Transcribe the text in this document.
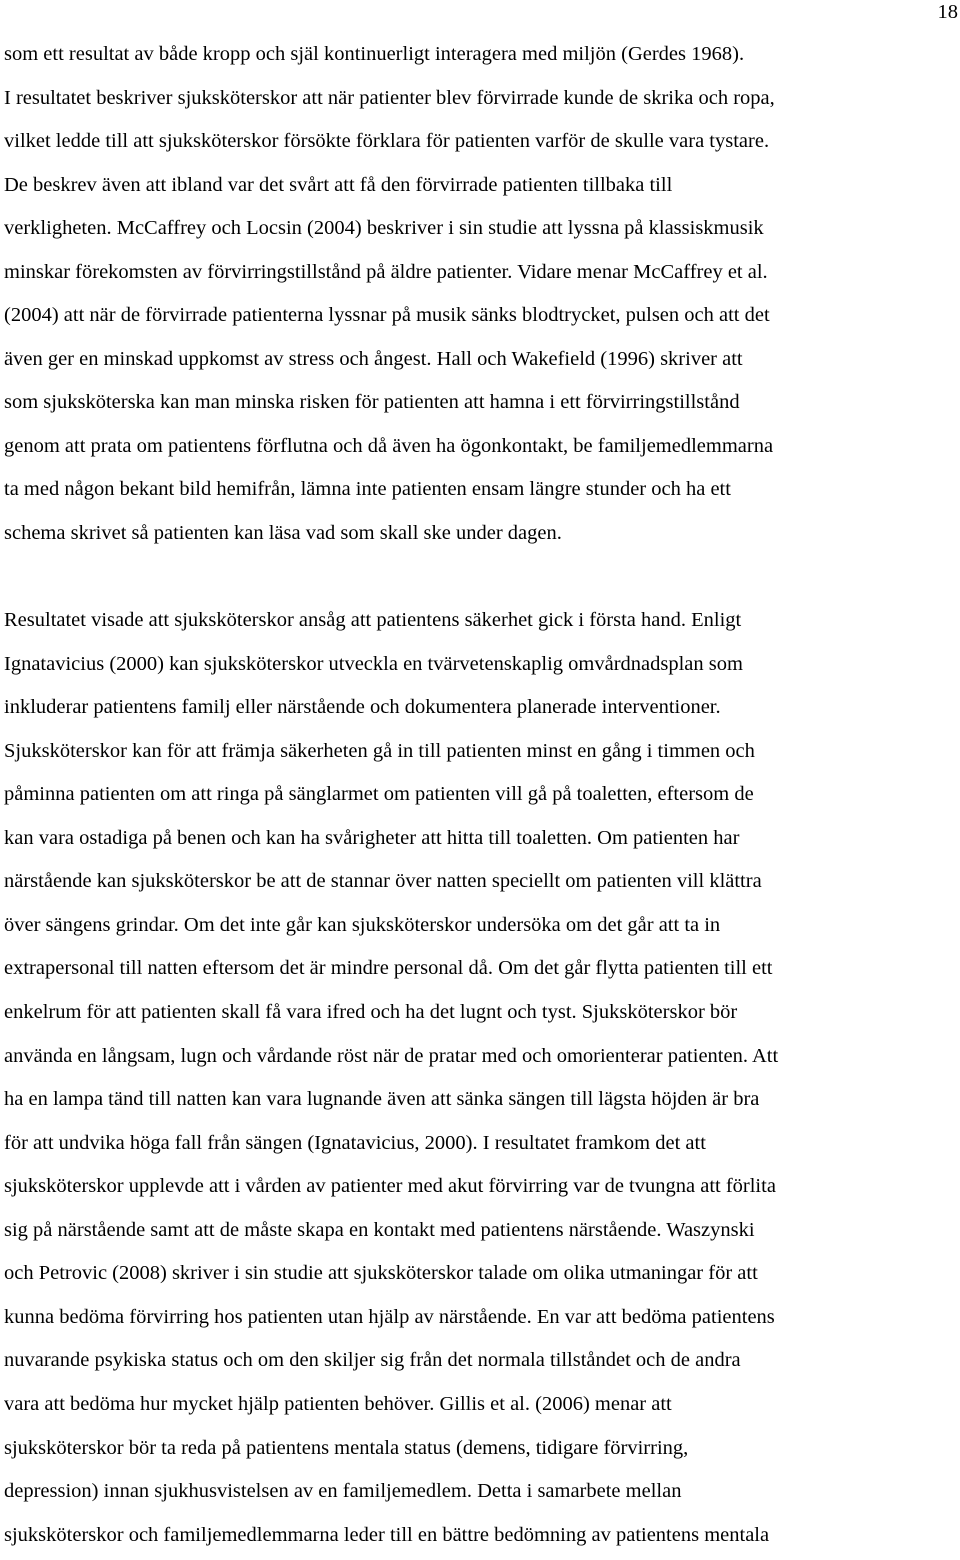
18
som ett resultat av både kropp och själ kontinuerligt interagera med miljön (Gerdes 1968).
I resultatet beskriver sjuksköterskor att när patienter blev förvirrade kunde de skrika och ropa,
vilket ledde till att sjuksköterskor försökte förklara för patienten varför de skulle vara tystare.
De beskrev även att ibland var det svårt att få den förvirrade patienten tillbaka till
verkligheten. McCaffrey och Locsin (2004) beskriver i sin studie att lyssna på klassiskmusik
minskar förekomsten av förvirringstillstånd på äldre patienter. Vidare menar McCaffrey et al.
(2004) att när de förvirrade patienterna lyssnar på musik sänks blodtrycket, pulsen och att det
även ger en minskad uppkomst av stress och ångest. Hall och Wakefield (1996) skriver att
som sjuksköterska kan man minska risken för patienten att hamna i ett förvirringstillstånd
genom att prata om patientens förflutna och då även ha ögonkontakt, be familjemedlemmarna
ta med någon bekant bild hemifrån, lämna inte patienten ensam längre stunder och ha ett
schema skrivet så patienten kan läsa vad som skall ske under dagen.
Resultatet visade att sjuksköterskor ansåg att patientens säkerhet gick i första hand. Enligt
Ignatavicius (2000) kan sjuksköterskor utveckla en tvärvetenskaplig omvårdnadsplan som
inkluderar patientens familj eller närstående och dokumentera planerade interventioner.
Sjuksköterskor kan för att främja säkerheten gå in till patienten minst en gång i timmen och
påminna patienten om att ringa på sänglarmet om patienten vill gå på toaletten, eftersom de
kan vara ostadiga på benen och kan ha svårigheter att hitta till toaletten. Om patienten har
närstående kan sjuksköterskor be att de stannar över natten speciellt om patienten vill klättra
över sängens grindar. Om det inte går kan sjuksköterskor undersöka om det går att ta in
extrapersonal till natten eftersom det är mindre personal då. Om det går flytta patienten till ett
enkelrum för att patienten skall få vara ifred och ha det lugnt och tyst. Sjuksköterskor bör
använda en långsam, lugn och vårdande röst när de pratar med och omorienterar patienten. Att
ha en lampa tänd till natten kan vara lugnande även att sänka sängen till lägsta höjden är bra
för att undvika höga fall från sängen (Ignatavicius, 2000). I resultatet framkom det att
sjuksköterskor upplevde att i vården av patienter med akut förvirring var de tvungna att förlita
sig på närstående samt att de måste skapa en kontakt med patientens närstående. Waszynski
och Petrovic (2008) skriver i sin studie att sjuksköterskor talade om olika utmaningar för att
kunna bedöma förvirring hos patienten utan hjälp av närstående. En var att bedöma patientens
nuvarande psykiska status och om den skiljer sig från det normala tillståndet och de andra
vara att bedöma hur mycket hjälp patienten behöver. Gillis et al. (2006) menar att
sjuksköterskor bör ta reda på patientens mentala status (demens, tidigare förvirring,
depression) innan sjukhusvistelsen av en familjemedlem. Detta i samarbete mellan
sjuksköterskor och familjemedlemmarna leder till en bättre bedömning av patientens mentala
